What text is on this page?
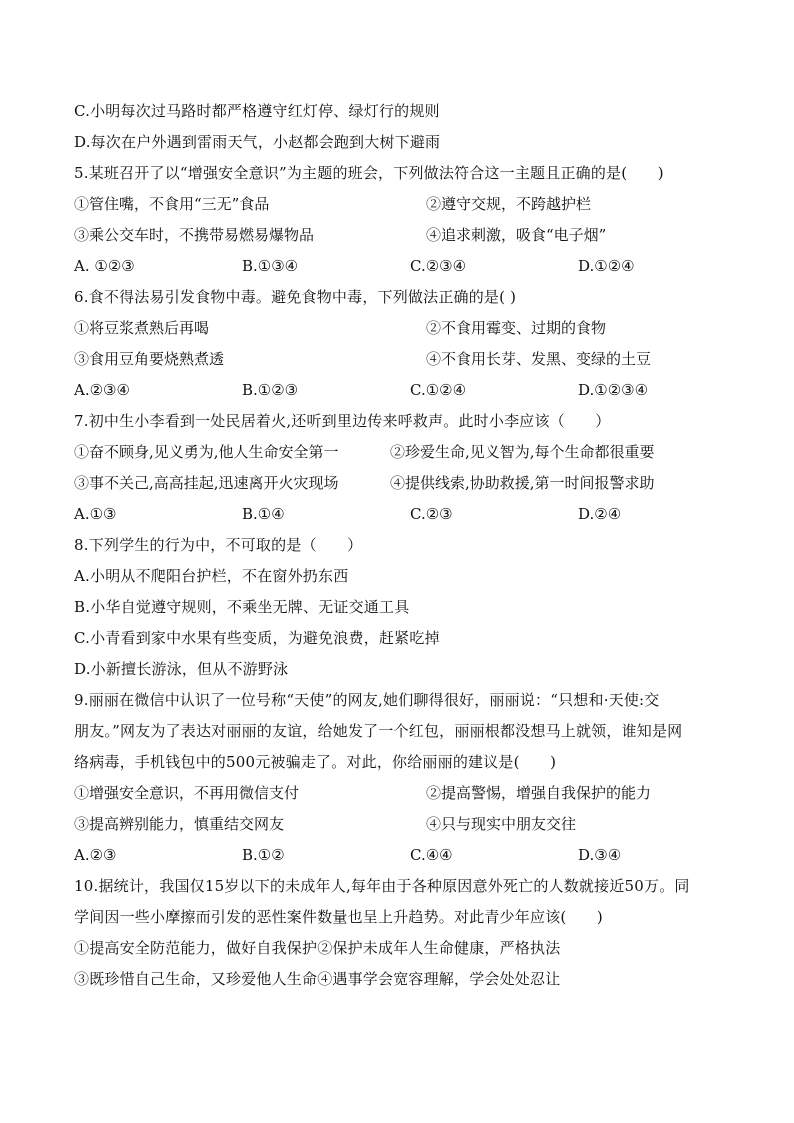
C.小明每次过马路时都严格遵守红灯停、绿灯行的规则
D.每次在户外遇到雷雨天气，小赵都会跑到大树下避雨
5.某班召开了以“增强安全意识”为主题的班会，下列做法符合这一主题且正确的是(　　)
①管住嘴，不食用“三无”食品	②遵守交规，不跨越护栏
③乘公交车时，不携带易燃易爆物品	④追求刺激，吸食“电子烟”
A. ①②③	B.①③④	C.②③④	D.①②④
6.食不得法易引发食物中毒。避免食物中毒，下列做法正确的是( )
①将豆浆煮熟后再喝	②不食用霉变、过期的食物
③食用豆角要烧熟煮透	④不食用长芽、发黑、变绿的土豆
A.②③④	B.①②③	C.①②④	D.①②③④
7.初中生小李看到一处民居着火,还听到里边传来呼救声。此时小李应该（　　）
①奋不顾身,见义勇为,他人生命安全第一	②珍爱生命,见义智为,每个生命都很重要
③事不关己,高高挂起,迅速离开火灾现场	④提供线索,协助救援,第一时间报警求助
A.①③	B.①④	C.②③	D.②④
8.下列学生的行为中，不可取的是（　　）
A.小明从不爬阳台护栏，不在窗外扔东西
B.小华自觉遵守规则，不乘坐无牌、无证交通工具
C.小青看到家中水果有些变质，为避免浪费，赶紧吃掉
D.小新擅长游泳，但从不游野泳
9.丽丽在微信中认识了一位号称“天使”的网友,她们聊得很好，丽丽说：“只想和·天使:交
朋友。”网友为了表达对丽丽的友谊，给她发了一个红包，丽丽根都没想马上就领，谁知是网
络病毒，手机钱包中的500元被骗走了。对此，你给丽丽的建议是(　　)
①增强安全意识，不再用微信支付	②提高警惕，增强自我保护的能力
③提高辨别能力，慎重结交网友	④只与现实中朋友交往
A.②③	B.①②	C.④④	D.③④
10.据统计，我国仅15岁以下的未成年人,每年由于各种原因意外死亡的人数就接近50万。同
学间因一些小摩擦而引发的恶性案件数量也呈上升趋势。对此青少年应该(　　)
①提高安全防范能力，做好自我保护②保护未成年人生命健康，严格执法
③既珍惜自己生命，又珍爱他人生命④遇事学会宽容理解，学会处处忍让
